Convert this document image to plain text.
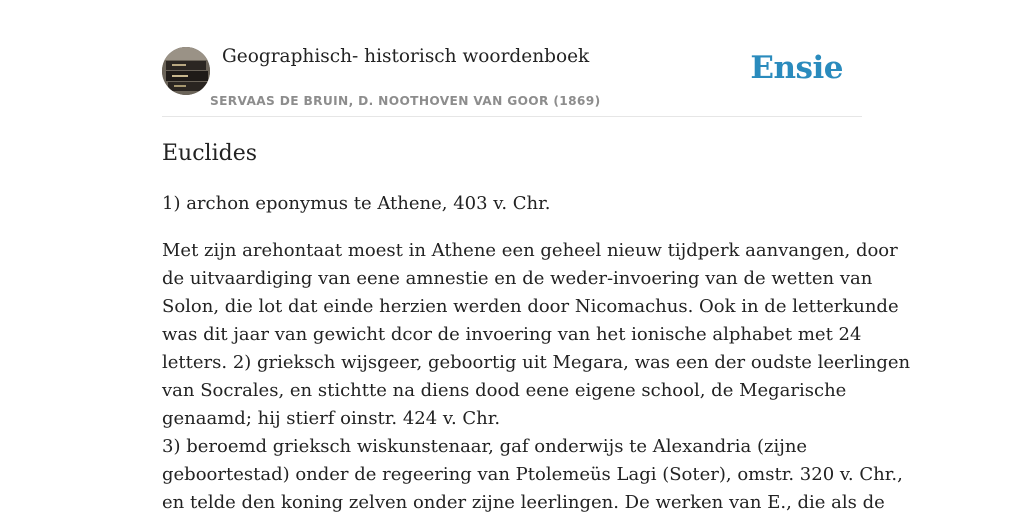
Geographisch- historisch woordenboek
SERVAAS DE BRUIN, D. NOOTHOVEN VAN GOOR (1869)
Ensie
Euclides

1) archon eponymus te Athene, 403 v. Chr.

Met zijn arehontaat moest in Athene een geheel nieuw tijdperk aanvangen, door
de uitvaardiging van eene amnestie en de weder-invoering van de wetten van
Solon, die lot dat einde herzien werden door Nicomachus. Ook in de letterkunde
was dit jaar van gewicht dcor de invoering van het ionische alphabet met 24
letters. 2) grieksch wijsgeer, geboortig uit Megara, was een der oudste leerlingen
van Socrales, en stichtte na diens dood eene eigene school, de Megarische
genaamd; hij stierf oinstr. 424 v. Chr.
3) beroemd grieksch wiskunstenaar, gaf onderwijs te Alexandria (zijne
geboortestad) onder de regeering van Ptolemeüs Lagi (Soter), omstr. 320 v. Chr.,
en telde den koning zelven onder zijne leerlingen. De werken van E., die als de
